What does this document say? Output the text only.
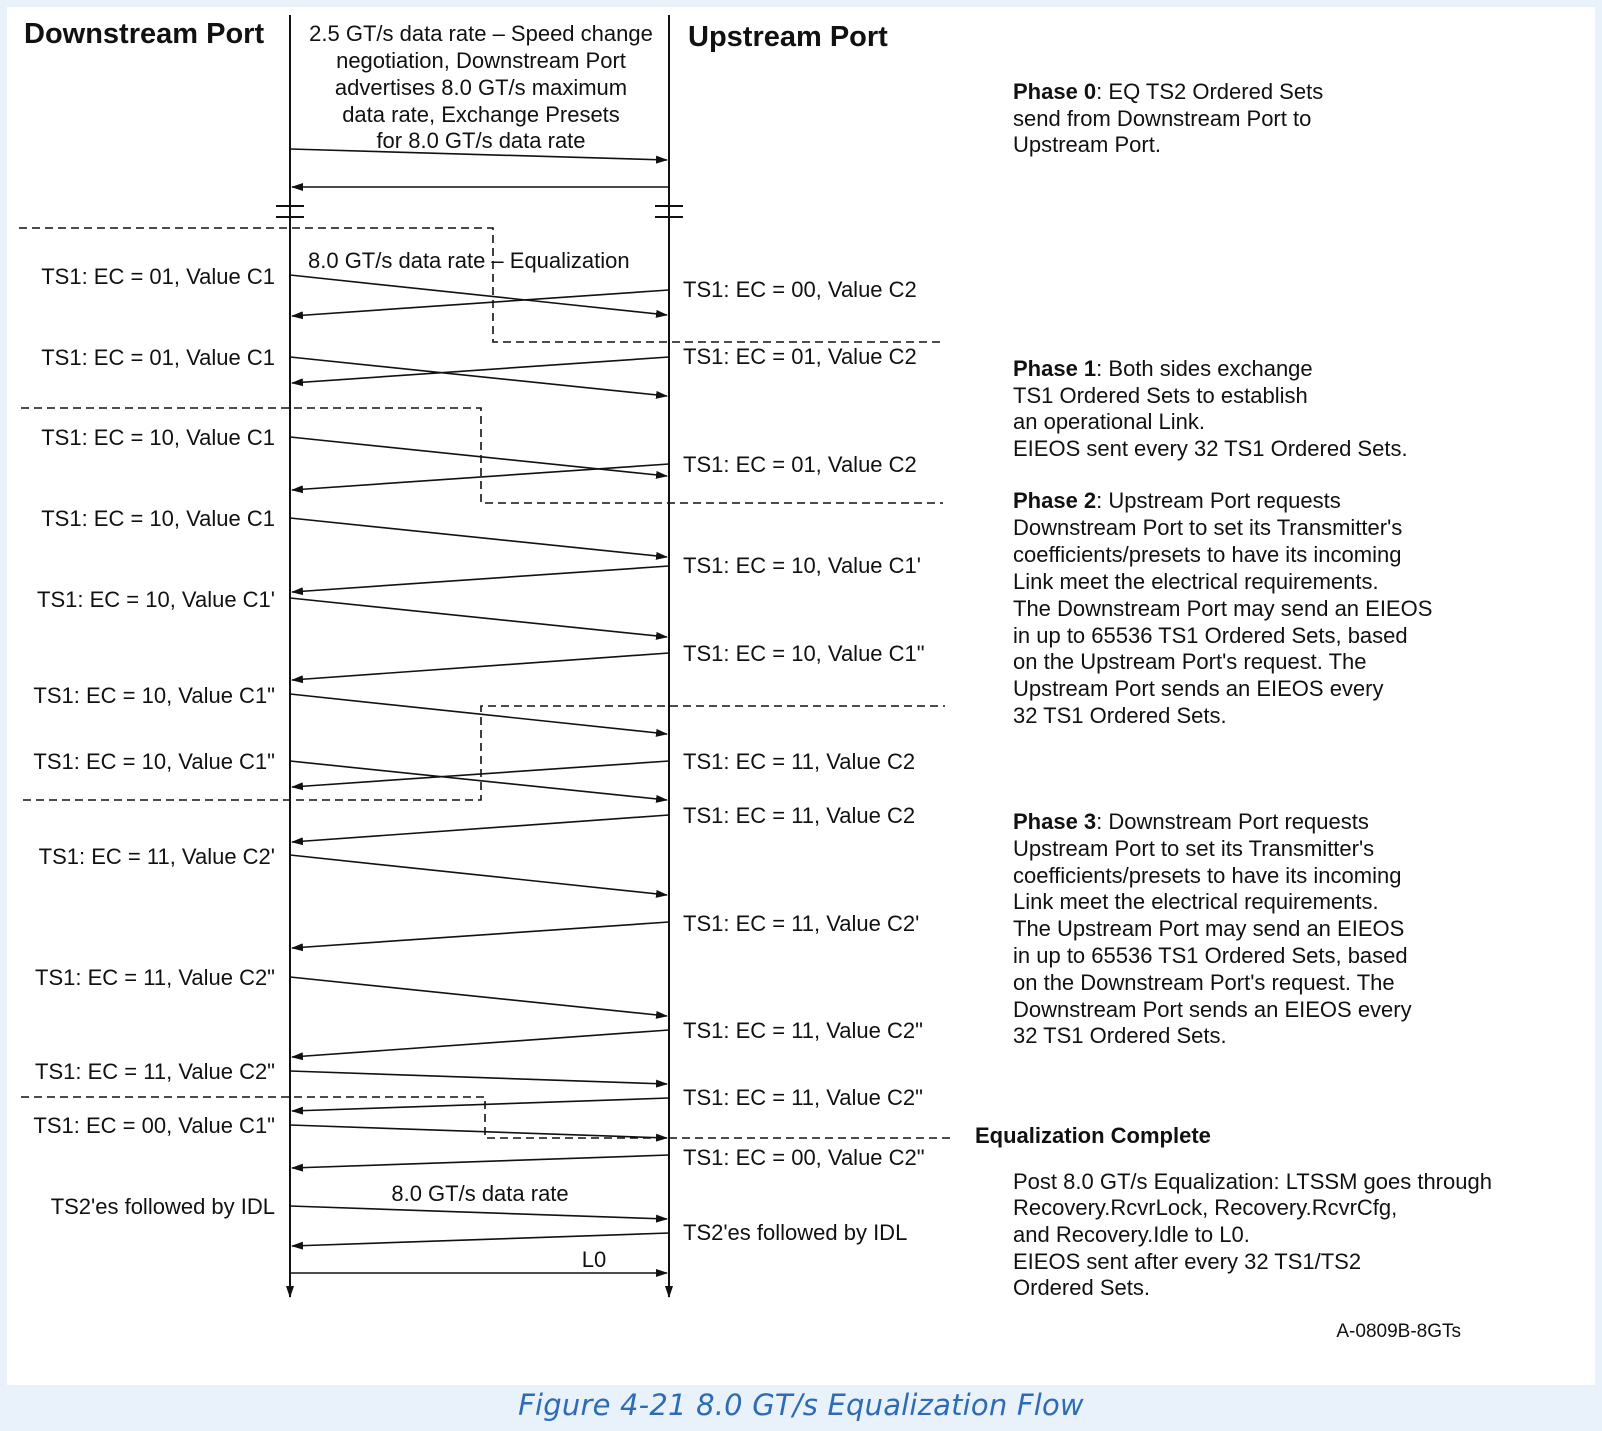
Downstream Port	Upstream Port
2.5 GT/s data rate – Speed change
negotiation, Downstream Port
advertises 8.0 GT/s maximum
data rate, Exchange Presets
for 8.0 GT/s data rate
8.0 GT/s data rate – Equalization
8.0 GT/s data rate
L0
TS1: EC = 01, Value C1
TS1: EC = 01, Value C1
TS1: EC = 10, Value C1
TS1: EC = 10, Value C1
TS1: EC = 10, Value C1'
TS1: EC = 10, Value C1"
TS1: EC = 10, Value C1"
TS1: EC = 11, Value C2'
TS1: EC = 11, Value C2"
TS1: EC = 11, Value C2"
TS1: EC = 00, Value C1"
TS2'es followed by IDL
TS1: EC = 00, Value C2
TS1: EC = 01, Value C2
TS1: EC = 01, Value C2
TS1: EC = 10, Value C1'
TS1: EC = 10, Value C1"
TS1: EC = 11, Value C2
TS1: EC = 11, Value C2
TS1: EC = 11, Value C2'
TS1: EC = 11, Value C2"
TS1: EC = 11, Value C2"
TS1: EC = 00, Value C2"
TS2'es followed by IDL
Phase 0: EQ TS2 Ordered Sets
send from Downstream Port to
Upstream Port.
Phase 1: Both sides exchange
TS1 Ordered Sets to establish
an operational Link.
EIEOS sent every 32 TS1 Ordered Sets.
Phase 2: Upstream Port requests
Downstream Port to set its Transmitter's
coefficients/presets to have its incoming
Link meet the electrical requirements.
The Downstream Port may send an EIEOS
in up to 65536 TS1 Ordered Sets, based
on the Upstream Port's request. The
Upstream Port sends an EIEOS every
32 TS1 Ordered Sets.
Phase 3: Downstream Port requests
Upstream Port to set its Transmitter's
coefficients/presets to have its incoming
Link meet the electrical requirements.
The Upstream Port may send an EIEOS
in up to 65536 TS1 Ordered Sets, based
on the Downstream Port's request. The
Downstream Port sends an EIEOS every
32 TS1 Ordered Sets.
Equalization Complete
Post 8.0 GT/s Equalization: LTSSM goes through
Recovery.RcvrLock, Recovery.RcvrCfg,
and Recovery.Idle to L0.
EIEOS sent after every 32 TS1/TS2
Ordered Sets.
A-0809B-8GTs
Figure 4-21 8.0 GT/s Equalization Flow
